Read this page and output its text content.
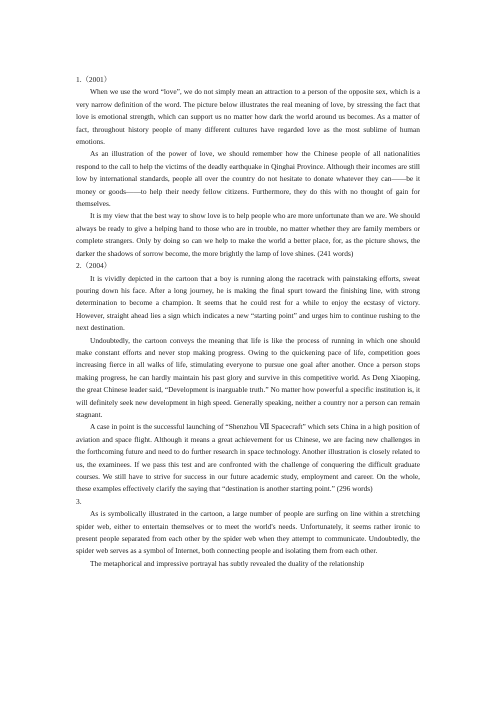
1.（2001）

When we use the word “love”, we do not simply mean an attraction to a person of the opposite sex, which is a very narrow definition of the word. The picture below illustrates the real meaning of love, by stressing the fact that love is emotional strength, which can support us no matter how dark the world around us becomes. As a matter of fact, throughout history people of many different cultures have regarded love as the most sublime of human emotions.

As an illustration of the power of love, we should remember how the Chinese people of all nationalities respond to the call to help the victims of the deadly earthquake in Qinghai Province. Although their incomes are still low by international standards, people all over the country do not hesitate to donate whatever they can——be it money or goods——to help their needy fellow citizens. Furthermore, they do this with no thought of gain for themselves.

It is my view that the best way to show love is to help people who are more unfortunate than we are. We should always be ready to give a helping hand to those who are in trouble, no matter whether they are family members or complete strangers. Only by doing so can we help to make the world a better place, for, as the picture shows, the darker the shadows of sorrow become, the more brightly the lamp of love shines. (241 words)

2.（2004）

It is vividly depicted in the cartoon that a boy is running along the racetrack with painstaking efforts, sweat pouring down his face. After a long journey, he is making the final spurt toward the finishing line, with strong determination to become a champion. It seems that he could rest for a while to enjoy the ecstasy of victory. However, straight ahead lies a sign which indicates a new “starting point” and urges him to continue rushing to the next destination.

Undoubtedly, the cartoon conveys the meaning that life is like the process of running in which one should make constant efforts and never stop making progress. Owing to the quickening pace of life, competition goes increasing fierce in all walks of life, stimulating everyone to pursue one goal after another. Once a person stops making progress, he can hardly maintain his past glory and survive in this competitive world. As Deng Xiaoping, the great Chinese leader said, “Development is inarguable truth.” No matter how powerful a specific institution is, it will definitely seek new development in high speed. Generally speaking, neither a country nor a person can remain stagnant.

A case in point is the successful launching of “Shenzhou Ⅶ Spacecraft” which sets China in a high position of aviation and space flight. Although it means a great achievement for us Chinese, we are facing new challenges in the forthcoming future and need to do further research in space technology. Another illustration is closely related to us, the examinees. If we pass this test and are confronted with the challenge of conquering the difficult graduate courses. We still have to strive for success in our future academic study, employment and career. On the whole, these examples effectively clarify the saying that “destination is another starting point.” (296 words)

3.

As is symbolically illustrated in the cartoon, a large number of people are surfing on line within a stretching spider web, either to entertain themselves or to meet the world's needs. Unfortunately, it seems rather ironic to present people separated from each other by the spider web when they attempt to communicate. Undoubtedly, the spider web serves as a symbol of Internet, both connecting people and isolating them from each other.

The metaphorical and impressive portrayal has subtly revealed the duality of the relationship
